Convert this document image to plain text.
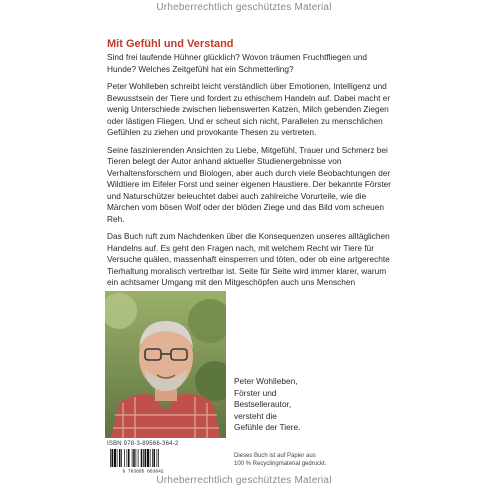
Urheberrechtlich geschütztes Material
Mit Gefühl und Verstand

Sind frei laufende Hühner glücklich? Wovon träumen Fruchtfliegen und Hunde? Welches Zeitgefühl hat ein Schmetterling?

Peter Wohlleben schreibt leicht verständlich über Emotionen, Intelligenz und Bewusstsein der Tiere und fordert zu ethischem Handeln auf. Dabei macht er wenig Unterschiede zwischen liebenswerten Katzen, Milch gebenden Ziegen oder lästigen Fliegen. Und er scheut sich nicht, Parallelen zu menschlichen Gefühlen zu ziehen und provokante Thesen zu vertreten.

Seine faszinierenden Ansichten zu Liebe, Mitgefühl, Trauer und Schmerz bei Tieren belegt der Autor anhand aktueller Studienergebnisse von Verhaltensforschern und Biologen, aber auch durch viele Beobachtungen der Wildtiere im Eifeler Forst und seiner eigenen Haustiere. Der bekannte Förster und Naturschützer beleuchtet dabei auch zahlreiche Vorurteile, wie die Märchen vom bösen Wolf oder der blöden Ziege und das Bild vom scheuen Reh.

Das Buch ruft zum Nachdenken über die Konsequenzen unseres alltäglichen Handelns auf. Es geht den Fragen nach, mit welchem Recht wir Tiere für Versuche quälen, massenhaft einsperren und töten, oder ob eine artgerechte Tierhaltung moralisch vertretbar ist. Seite für Seite wird immer klarer, warum ein achtsamer Umgang mit den Mitgeschöpfen auch uns Menschen

Peter Wohlleben,
Förster und
Bestsellerautor,
versteht die
Gefühle der Tiere.
ISBN 978-3-89566-364-2
9 783895 663642
Dieses Buch ist auf Papier aus
100 % Recyclingmaterial gedruckt.
Urheberrechtlich geschütztes Material
